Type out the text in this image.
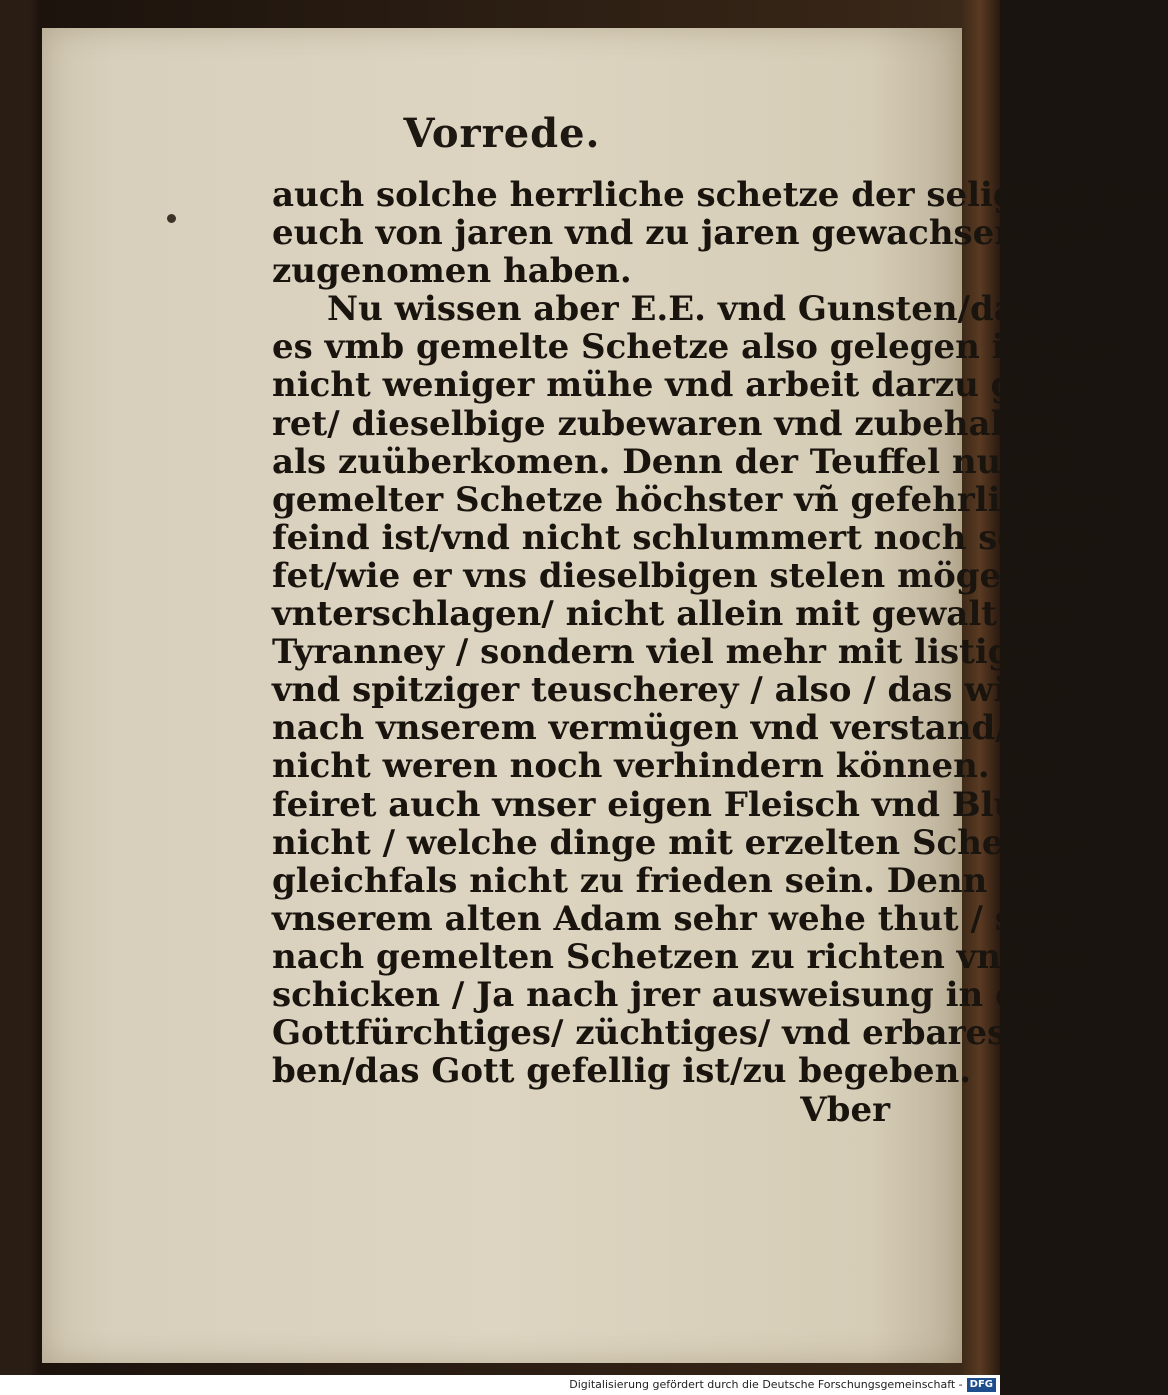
Vorrede.
auch solche herrliche schetze der seligkeit/bey
euch von jaren vnd zu jaren gewachsen vnd
zugenomen haben.
Nu wissen aber E.E. vnd Gunsten/das
es vmb gemelte Schetze also gelegen ist/das
nicht weniger mühe vnd arbeit darzu gehö-
ret/ dieselbige zubewaren vnd zubehalten/
als zuüberkomen. Denn der Teuffel nu offt
gemelter Schetze höchster vñ gefehrlichster
feind ist/vnd nicht schlummert noch schlef-
fet/wie er vns dieselbigen stelen möge/vnd
vnterschlagen/ nicht allein mit gewalt vnd
Tyranney / sondern viel mehr mit listiger
vnd spitziger teuscherey / also / das wir es
nach vnserem vermügen vnd verstand/
nicht weren noch verhindern können. So
feiret auch vnser eigen Fleisch vnd Blut
nicht / welche dinge mit erzelten Schetzen
gleichfals nicht zu frieden sein. Denn es
vnserem alten Adam sehr wehe thut / sich
nach gemelten Schetzen zu richten vnd zu
schicken / Ja nach jrer ausweisung in ein
Gottfürchtiges/ züchtiges/ vnd erbares le-
ben/das Gott gefellig ist/zu begeben.
Vber
Digitalisierung gefördert durch die Deutsche Forschungsgemeinschaft - DFG
